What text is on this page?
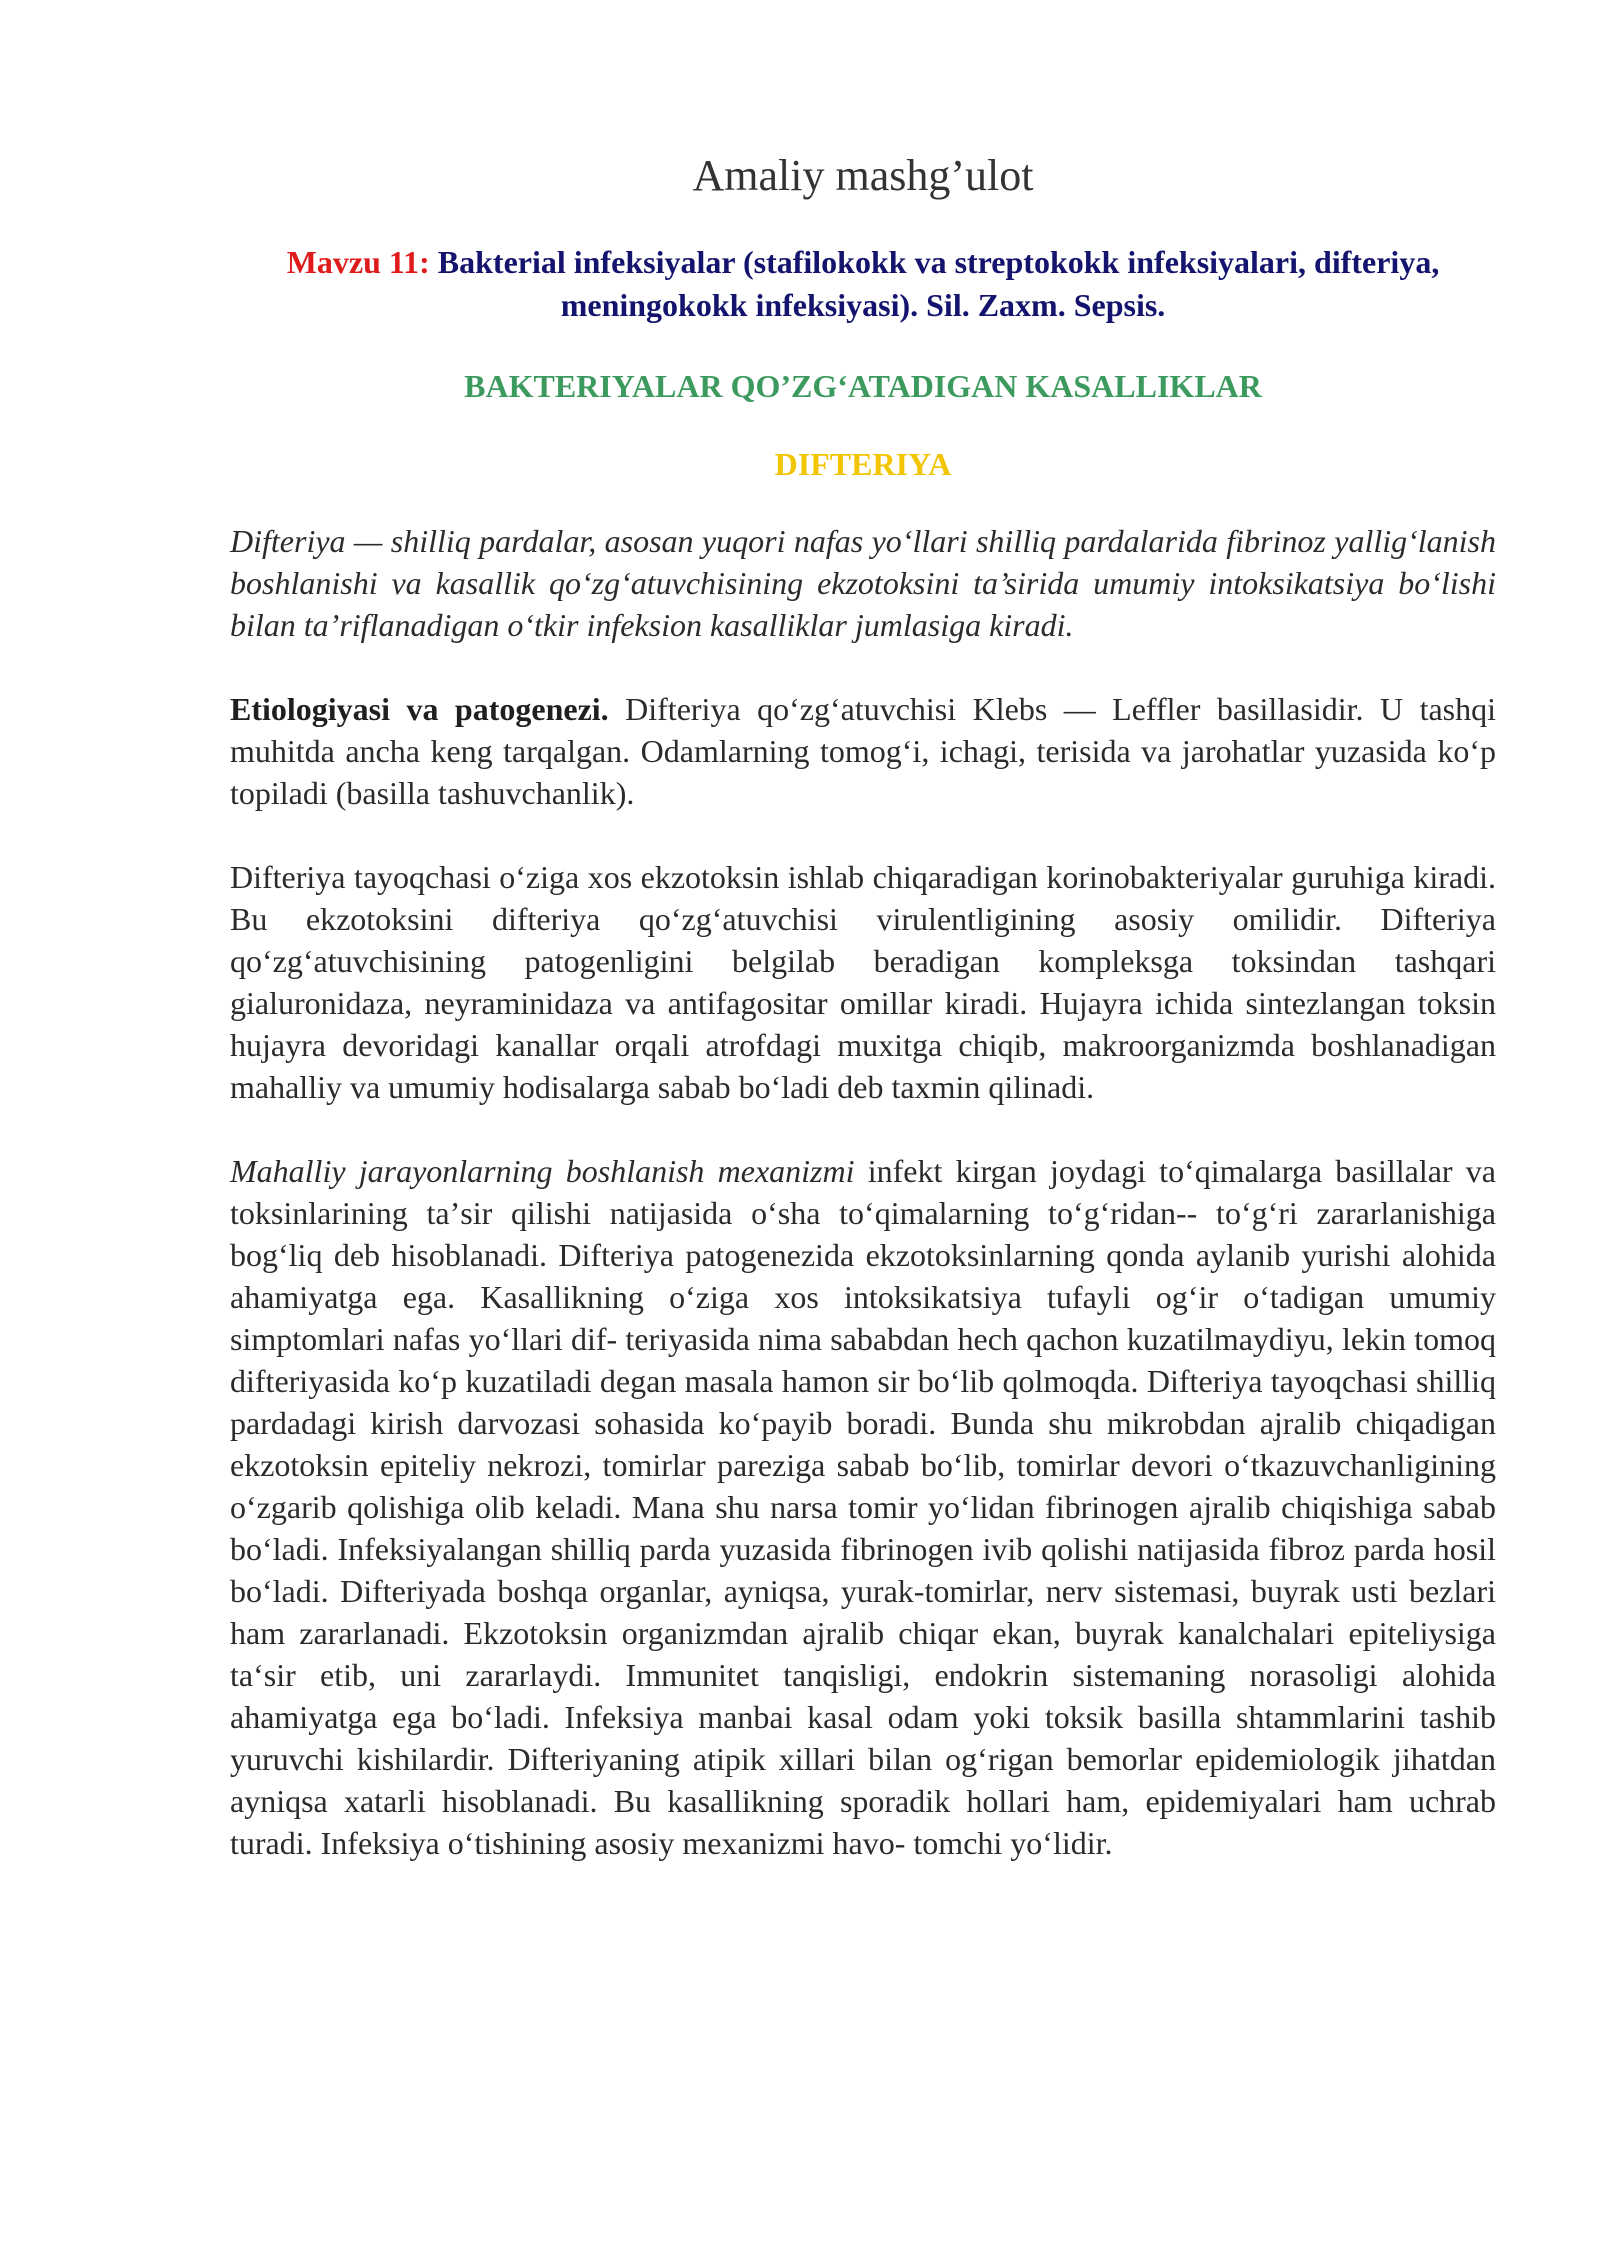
Amaliy mashg’ulot
Mavzu 11: Bakterial infeksiyalar (stafilokokk va streptokokk infeksiyalari, difteriya, meningokokk infeksiyasi). Sil. Zaxm. Sepsis.
BAKTERIYALAR QO’ZGʻATADIGAN KASALLIKLAR
DIFTERIYA

Difteriya — shilliq pardalar, asosan yuqori nafas yoʻllari shilliq pardalarida fibrinoz yalligʻlanish boshlanishi va kasallik qoʻzgʻatuvchisining ekzotoksini ta’sirida umumiy intoksikatsiya boʻlishi bilan ta’riflanadigan oʻtkir infeksion kasalliklar jumlasiga kiradi.

Etiologiyasi va patogenezi. Difteriya qoʻzgʻatuvchisi Klebs — Leffler basillasidir. U tashqi muhitda ancha keng tarqalgan. Odamlarning tomogʻi, ichagi, terisida va jarohatlar yuzasida koʻp topiladi (basilla tashuvchanlik).

Difteriya tayoqchasi oʻziga xos ekzotoksin ishlab chiqaradigan korinobakteriyalar guruhiga kiradi. Bu ekzotoksini difteriya qoʻzgʻatuvchisi virulentligining asosiy omilidir. Difteriya qoʻzgʻatuvchisining patogenligini belgilab beradigan kompleksga toksindan tashqari gialuronidaza, neyraminidaza va antifagositar omillar kiradi. Hujayra ichida sintezlangan toksin hujayra devoridagi kanallar orqali atrofdagi muxitga chiqib, makroorganizmda boshlanadigan mahalliy va umumiy hodisalarga sabab boʻladi deb taxmin qilinadi.

Mahalliy jarayonlarning boshlanish mexanizmi infekt kirgan joydagi toʻqimalarga basillalar va toksinlarining taʼsir qilishi natijasida oʻsha toʻqimalarning toʻgʻridan-- toʻgʻri zararlanishiga bogʻliq deb hisoblanadi. Difteriya patogenezida ekzotoksinlarning qonda aylanib yurishi alohida ahamiyatga ega. Kasallikning oʻziga xos intoksikatsiya tufayli ogʻir oʻtadigan umumiy simptomlari nafas yoʻllari dif- teriyasida nima sababdan hech qachon kuzatilmaydiyu, lekin tomoq difteriyasida koʻp kuzatiladi degan masala hamon sir boʻlib qolmoqda. Difteriya tayoqchasi shilliq pardadagi kirish darvozasi sohasida koʻpayib boradi. Bunda shu mikrobdan ajralib chiqadigan ekzotoksin epiteliy nekrozi, tomirlar pareziga sabab boʻlib, tomirlar devori oʻtkazuvchanligining oʻzgarib qolishiga olib keladi. Mana shu narsa tomir yoʻlidan fibrinogen ajralib chiqishiga sabab boʻladi. Infeksiyalangan shilliq parda yuzasida fibrinogen ivib qolishi natijasida fibroz parda hosil boʻladi. Difteriyada boshqa organlar, ayniqsa, yurak-tomirlar, nerv sistemasi, buyrak usti bezlari ham zararlanadi. Ekzotoksin organizmdan ajralib chiqar ekan, buyrak kanalchalari epiteliysiga taʻsir etib, uni zararlaydi. Immunitet tanqisligi, endokrin sistemaning norasoligi alohida ahamiyatga ega boʻladi. Infeksiya manbai kasal odam yoki toksik basilla shtammlarini tashib yuruvchi kishilardir. Difteriyaning atipik xillari bilan ogʻrigan bemorlar epidemiologik jihatdan ayniqsa xatarli hisoblanadi. Bu kasallikning sporadik hollari ham, epidemiyalari ham uchrab turadi. Infeksiya oʻtishining asosiy mexanizmi havo- tomchi yoʻlidir.
